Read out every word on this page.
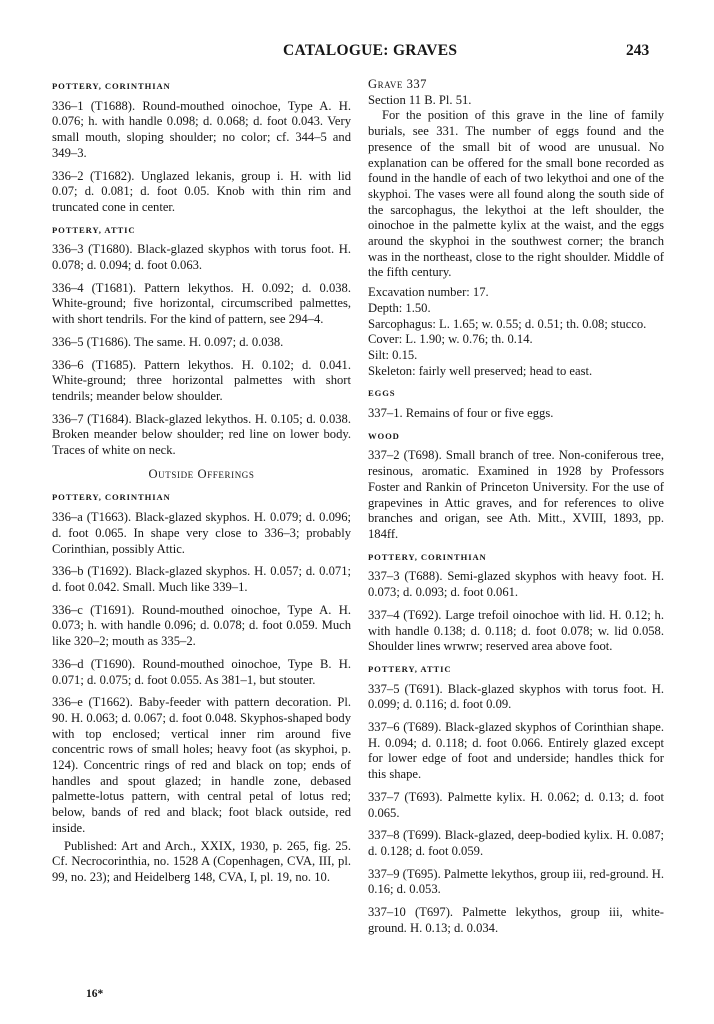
CATALOGUE: GRAVES	243
POTTERY, CORINTHIAN
336–1 (T1688). Round-mouthed oinochoe, Type A. H. 0.076; h. with handle 0.098; d. 0.068; d. foot 0.043. Very small mouth, sloping shoulder; no color; cf. 344–5 and 349–3.
336–2 (T1682). Unglazed lekanis, group i. H. with lid 0.07; d. 0.081; d. foot 0.05. Knob with thin rim and truncated cone in center.
POTTERY, ATTIC
336–3 (T1680). Black-glazed skyphos with torus foot. H. 0.078; d. 0.094; d. foot 0.063.
336–4 (T1681). Pattern lekythos. H. 0.092; d. 0.038. White-ground; five horizontal, circumscribed palmettes, with short tendrils. For the kind of pattern, see 294–4.
336–5 (T1686). The same. H. 0.097; d. 0.038.
336–6 (T1685). Pattern lekythos. H. 0.102; d. 0.041. White-ground; three horizontal palmettes with short tendrils; meander below shoulder.
336–7 (T1684). Black-glazed lekythos. H. 0.105; d. 0.038. Broken meander below shoulder; red line on lower body. Traces of white on neck.
Outside Offerings
POTTERY, CORINTHIAN
336–a (T1663). Black-glazed skyphos. H. 0.079; d. 0.096; d. foot 0.065. In shape very close to 336–3; probably Corinthian, possibly Attic.
336–b (T1692). Black-glazed skyphos. H. 0.057; d. 0.071; d. foot 0.042. Small. Much like 339–1.
336–c (T1691). Round-mouthed oinochoe, Type A. H. 0.073; h. with handle 0.096; d. 0.078; d. foot 0.059. Much like 320–2; mouth as 335–2.
336–d (T1690). Round-mouthed oinochoe, Type B. H. 0.071; d. 0.075; d. foot 0.055. As 381–1, but stouter.
336–e (T1662). Baby-feeder with pattern decoration. Pl. 90. H. 0.063; d. 0.067; d. foot 0.048. Skyphos-shaped body with top enclosed; vertical inner rim around five concentric rows of small holes; heavy foot (as skyphoi, p. 124). Concentric rings of red and black on top; ends of handles and spout glazed; in handle zone, debased palmette-lotus pattern, with central petal of lotus red; below, bands of red and black; foot black outside, red inside.
Published: Art and Arch., XXIX, 1930, p. 265, fig. 25. Cf. Necrocorinthia, no. 1528 A (Copenhagen, CVA, III, pl. 99, no. 23); and Heidelberg 148, CVA, I, pl. 19, no. 10.
Grave 337
Section 11 B. Pl. 51.
For the position of this grave in the line of family burials, see 331. The number of eggs found and the presence of the small bit of wood are unusual. No explanation can be offered for the small bone recorded as found in the handle of each of two lekythoi and one of the skyphoi. The vases were all found along the south side of the sarcophagus, the lekythoi at the left shoulder, the oinochoe in the palmette kylix at the waist, and the eggs around the skyphoi in the southwest corner; the branch was in the northeast, close to the right shoulder. Middle of the fifth century.
Excavation number: 17.
Depth: 1.50.
Sarcophagus: L. 1.65; w. 0.55; d. 0.51; th. 0.08; stucco.
Cover: L. 1.90; w. 0.76; th. 0.14.
Silt: 0.15.
Skeleton: fairly well preserved; head to east.
EGGS
337–1. Remains of four or five eggs.
WOOD
337–2 (T698). Small branch of tree. Non-coniferous tree, resinous, aromatic. Examined in 1928 by Professors Foster and Rankin of Princeton University. For the use of grapevines in Attic graves, and for references to olive branches and origan, see Ath. Mitt., XVIII, 1893, pp. 184ff.
POTTERY, CORINTHIAN
337–3 (T688). Semi-glazed skyphos with heavy foot. H. 0.073; d. 0.093; d. foot 0.061.
337–4 (T692). Large trefoil oinochoe with lid. H. 0.12; h. with handle 0.138; d. 0.118; d. foot 0.078; w. lid 0.058. Shoulder lines wrwrw; reserved area above foot.
POTTERY, ATTIC
337–5 (T691). Black-glazed skyphos with torus foot. H. 0.099; d. 0.116; d. foot 0.09.
337–6 (T689). Black-glazed skyphos of Corinthian shape. H. 0.094; d. 0.118; d. foot 0.066. Entirely glazed except for lower edge of foot and underside; handles thick for this shape.
337–7 (T693). Palmette kylix. H. 0.062; d. 0.13; d. foot 0.065.
337–8 (T699). Black-glazed, deep-bodied kylix. H. 0.087; d. 0.128; d. foot 0.059.
337–9 (T695). Palmette lekythos, group iii, red-ground. H. 0.16; d. 0.053.
337–10 (T697). Palmette lekythos, group iii, white-ground. H. 0.13; d. 0.034.
16*
